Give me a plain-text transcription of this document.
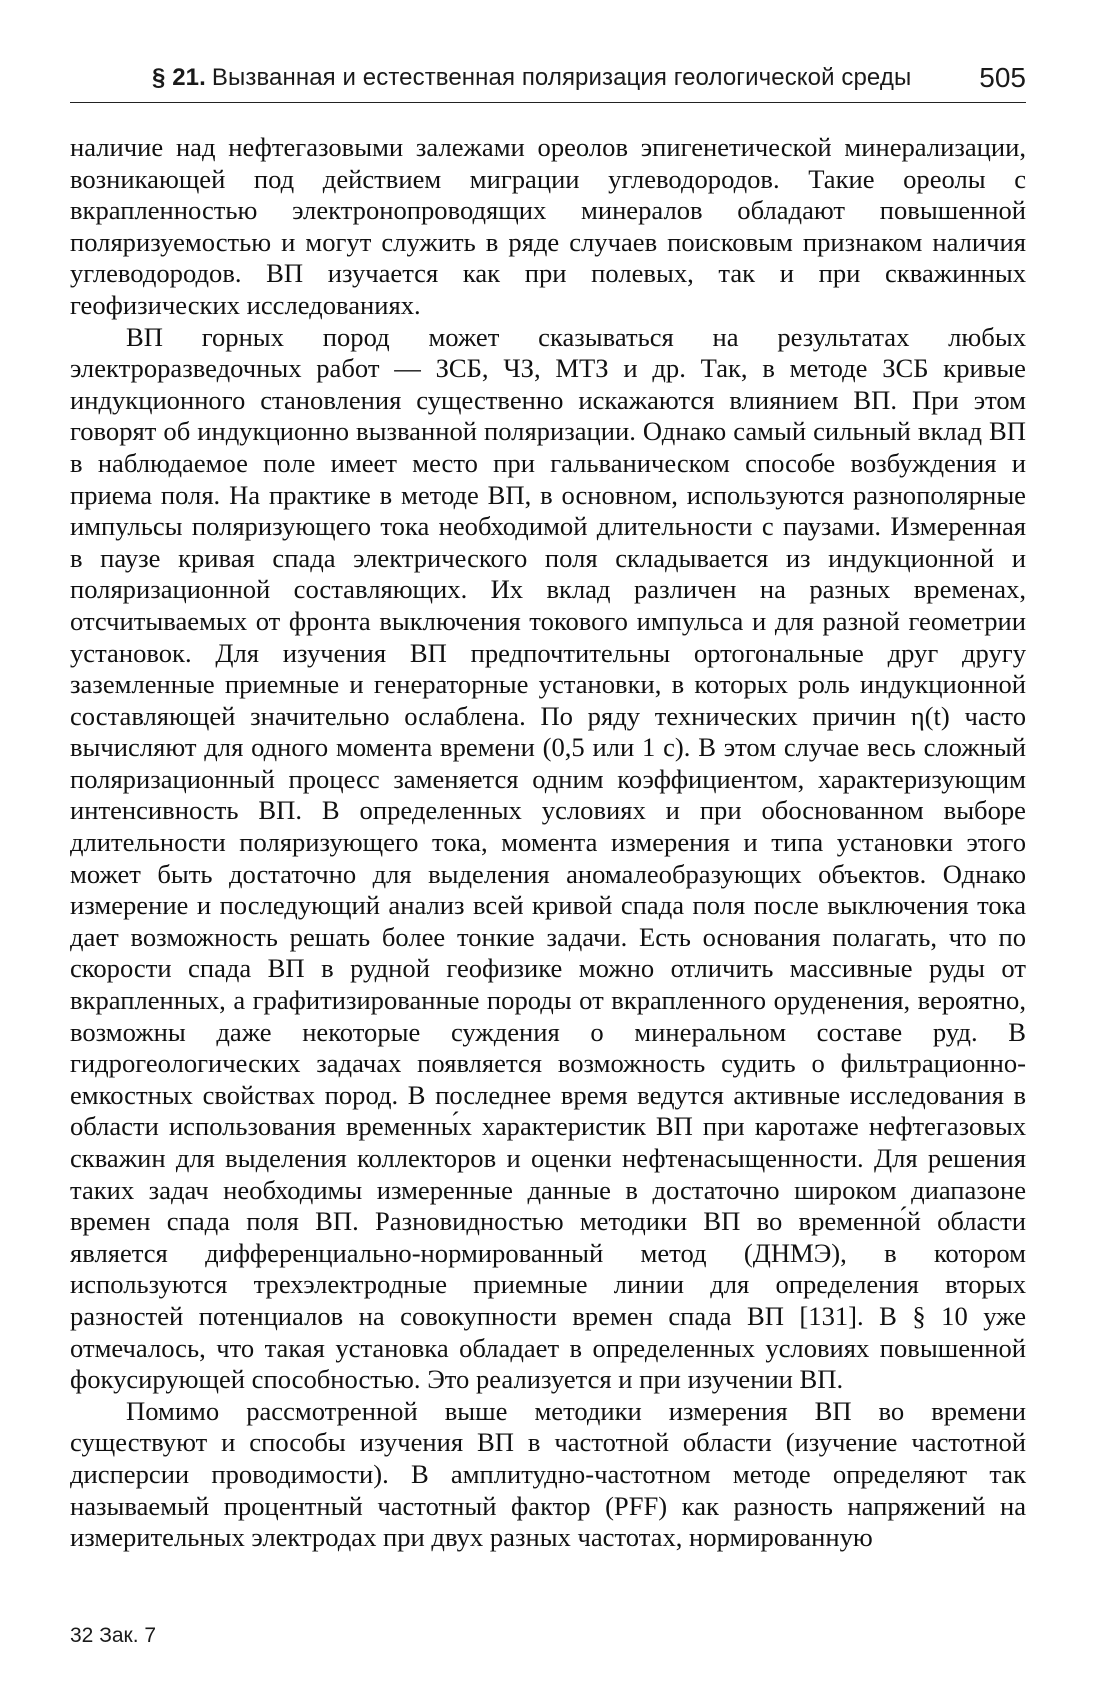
§ 21. Вызванная и естественная поляризация геологической среды 505

наличие над нефтегазовыми залежами ореолов эпигенетической минерализации, возникающей под действием миграции углеводородов. Такие ореолы с вкрапленностью электронопроводящих минералов обладают повышенной поляризуемостью и могут служить в ряде случаев поисковым признаком наличия углеводородов. ВП изучается как при полевых, так и при скважинных геофизических исследованиях.

ВП горных пород может сказываться на результатах любых электроразведочных работ — ЗСБ, ЧЗ, МТЗ и др. Так, в методе ЗСБ кривые индукционного становления существенно искажаются влиянием ВП. При этом говорят об индукционно вызванной поляризации. Однако самый сильный вклад ВП в наблюдаемое поле имеет место при гальваническом способе возбуждения и приема поля. На практике в методе ВП, в основном, используются разнополярные импульсы поляризующего тока необходимой длительности с паузами. Измеренная в паузе кривая спада электрического поля складывается из индукционной и поляризационной составляющих. Их вклад различен на разных временах, отсчитываемых от фронта выключения токового импульса и для разной геометрии установок. Для изучения ВП предпочтительны ортогональные друг другу заземленные приемные и генераторные установки, в которых роль индукционной составляющей значительно ослаблена. По ряду технических причин η(t) часто вычисляют для одного момента времени (0,5 или 1 с). В этом случае весь сложный поляризационный процесс заменяется одним коэффициентом, характеризующим интенсивность ВП. В определенных условиях и при обоснованном выборе длительности поляризующего тока, момента измерения и типа установки этого может быть достаточно для выделения аномалеобразующих объектов. Однако измерение и последующий анализ всей кривой спада поля после выключения тока дает возможность решать более тонкие задачи. Есть основания полагать, что по скорости спада ВП в рудной геофизике можно отличить массивные руды от вкрапленных, а графитизированные породы от вкрапленного оруденения, вероятно, возможны даже некоторые суждения о минеральном составе руд. В гидрогеологических задачах появляется возможность судить о фильтрационно-емкостных свойствах пород. В последнее время ведутся активные исследования в области использования временны́х характеристик ВП при каротаже нефтегазовых скважин для выделения коллекторов и оценки нефтенасыщенности. Для решения таких задач необходимы измеренные данные в достаточно широком диапазоне времен спада поля ВП. Разновидностью методики ВП во временно́й области является дифференциально-нормированный метод (ДНМЭ), в котором используются трехэлектродные приемные линии для определения вторых разностей потенциалов на совокупности времен спада ВП [131]. В § 10 уже отмечалось, что такая установка обладает в определенных условиях повышенной фокусирующей способностью. Это реализуется и при изучении ВП.

Помимо рассмотренной выше методики измерения ВП во времени существуют и способы изучения ВП в частотной области (изучение частотной дисперсии проводимости). В амплитудно-частотном методе определяют так называемый процентный частотный фактор (PFF) как разность напряжений на измерительных электродах при двух разных частотах, нормированную

32 Зак. 7
